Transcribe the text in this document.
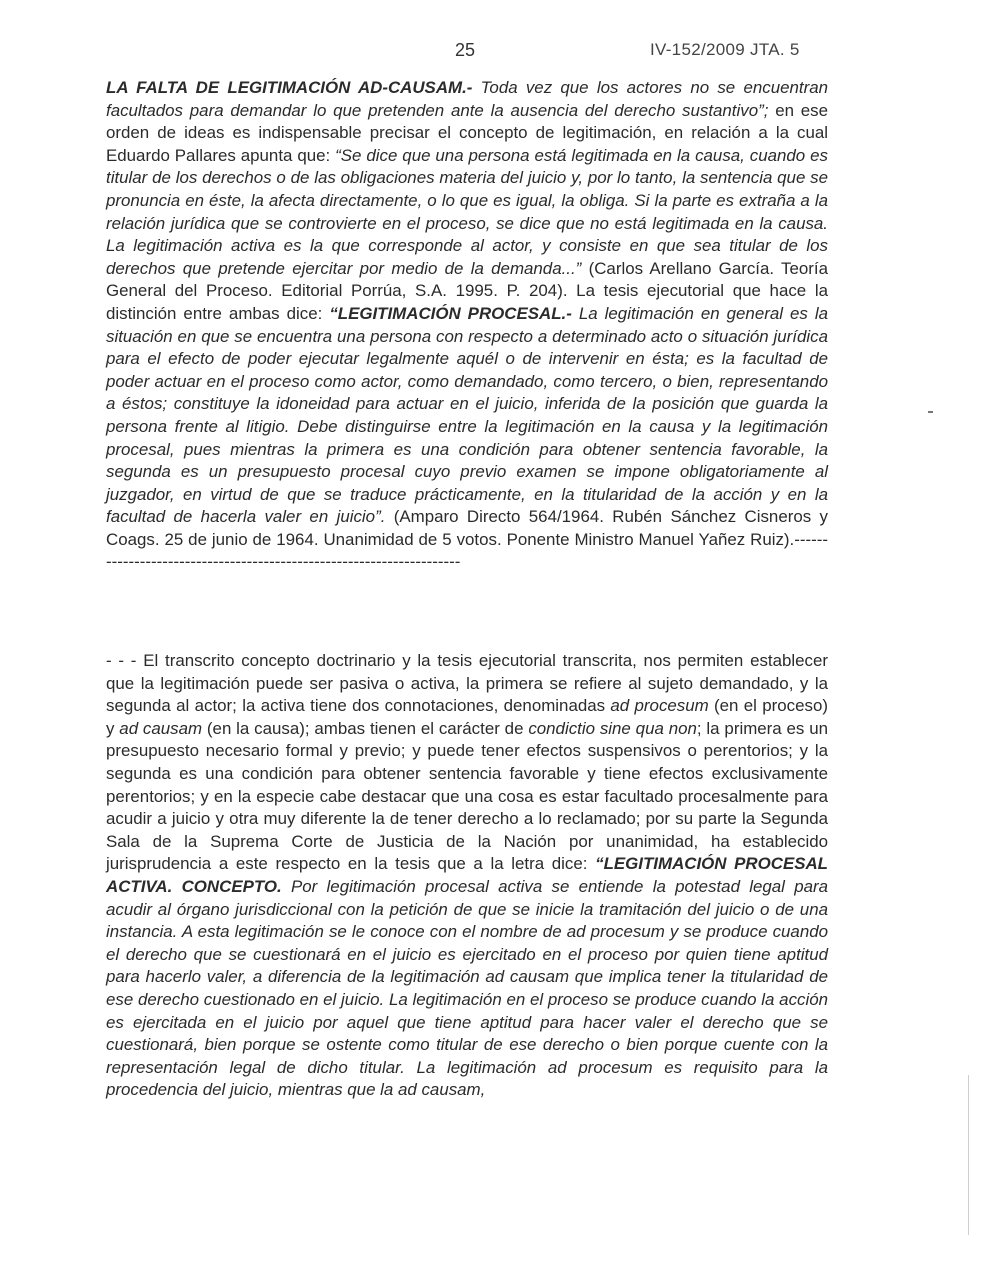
25	IV-152/2009 JTA. 5

LA FALTA DE LEGITIMACIÓN AD-CAUSAM.- Toda vez que los actores no se encuentran facultados para demandar lo que pretenden ante la ausencia del derecho sustantivo”; en ese orden de ideas es indispensable precisar el concepto de legitimación, en relación a la cual Eduardo Pallares apunta que: “Se dice que una persona está legitimada en la causa, cuando es titular de los derechos o de las obligaciones materia del juicio y, por lo tanto, la sentencia que se pronuncia en éste, la afecta directamente, o lo que es igual, la obliga. Si la parte es extraña a la relación jurídica que se controvierte en el proceso, se dice que no está legitimada en la causa. La legitimación activa es la que corresponde al actor, y consiste en que sea titular de los derechos que pretende ejercitar por medio de la demanda...” (Carlos Arellano García. Teoría General del Proceso. Editorial Porrúa, S.A. 1995. P. 204). La tesis ejecutorial que hace la distinción entre ambas dice: “LEGITIMACIÓN PROCESAL.- La legitimación en general es la situación en que se encuentra una persona con respecto a determinado acto o situación jurídica para el efecto de poder ejecutar legalmente aquél o de intervenir en ésta; es la facultad de poder actuar en el proceso como actor, como demandado, como tercero, o bien, representando a éstos; constituye la idoneidad para actuar en el juicio, inferida de la posición que guarda la persona frente al litigio. Debe distinguirse entre la legitimación en la causa y la legitimación procesal, pues mientras la primera es una condición para obtener sentencia favorable, la segunda es un presupuesto procesal cuyo previo examen se impone obligatoriamente al juzgador, en virtud de que se traduce prácticamente, en la titularidad de la acción y en la facultad de hacerla valer en juicio”. (Amparo Directo 564/1964. Rubén Sánchez Cisneros y Coags. 25 de junio de 1964. Unanimidad de 5 votos. Ponente Ministro Manuel Yañez Ruiz).---------------------------------------------------------------------

- - - El transcrito concepto doctrinario y la tesis ejecutorial transcrita, nos permiten establecer que la legitimación puede ser pasiva o activa, la primera se refiere al sujeto demandado, y la segunda al actor; la activa tiene dos connotaciones, denominadas ad procesum (en el proceso) y ad causam (en la causa); ambas tienen el carácter de condictio sine qua non; la primera es un presupuesto necesario formal y previo; y puede tener efectos suspensivos o perentorios; y la segunda es una condición para obtener sentencia favorable y tiene efectos exclusivamente perentorios; y en la especie cabe destacar que una cosa es estar facultado procesalmente para acudir a juicio y otra muy diferente la de tener derecho a lo reclamado; por su parte la Segunda Sala de la Suprema Corte de Justicia de la Nación por unanimidad, ha establecido jurisprudencia a este respecto en la tesis que a la letra dice: “LEGITIMACIÓN PROCESAL ACTIVA. CONCEPTO. Por legitimación procesal activa se entiende la potestad legal para acudir al órgano jurisdiccional con la petición de que se inicie la tramitación del juicio o de una instancia. A esta legitimación se le conoce con el nombre de ad procesum y se produce cuando el derecho que se cuestionará en el juicio es ejercitado en el proceso por quien tiene aptitud para hacerlo valer, a diferencia de la legitimación ad causam que implica tener la titularidad de ese derecho cuestionado en el juicio. La legitimación en el proceso se produce cuando la acción es ejercitada en el juicio por aquel que tiene aptitud para hacer valer el derecho que se cuestionará, bien porque se ostente como titular de ese derecho o bien porque cuente con la representación legal de dicho titular. La legitimación ad procesum es requisito para la procedencia del juicio, mientras que la ad causam,
